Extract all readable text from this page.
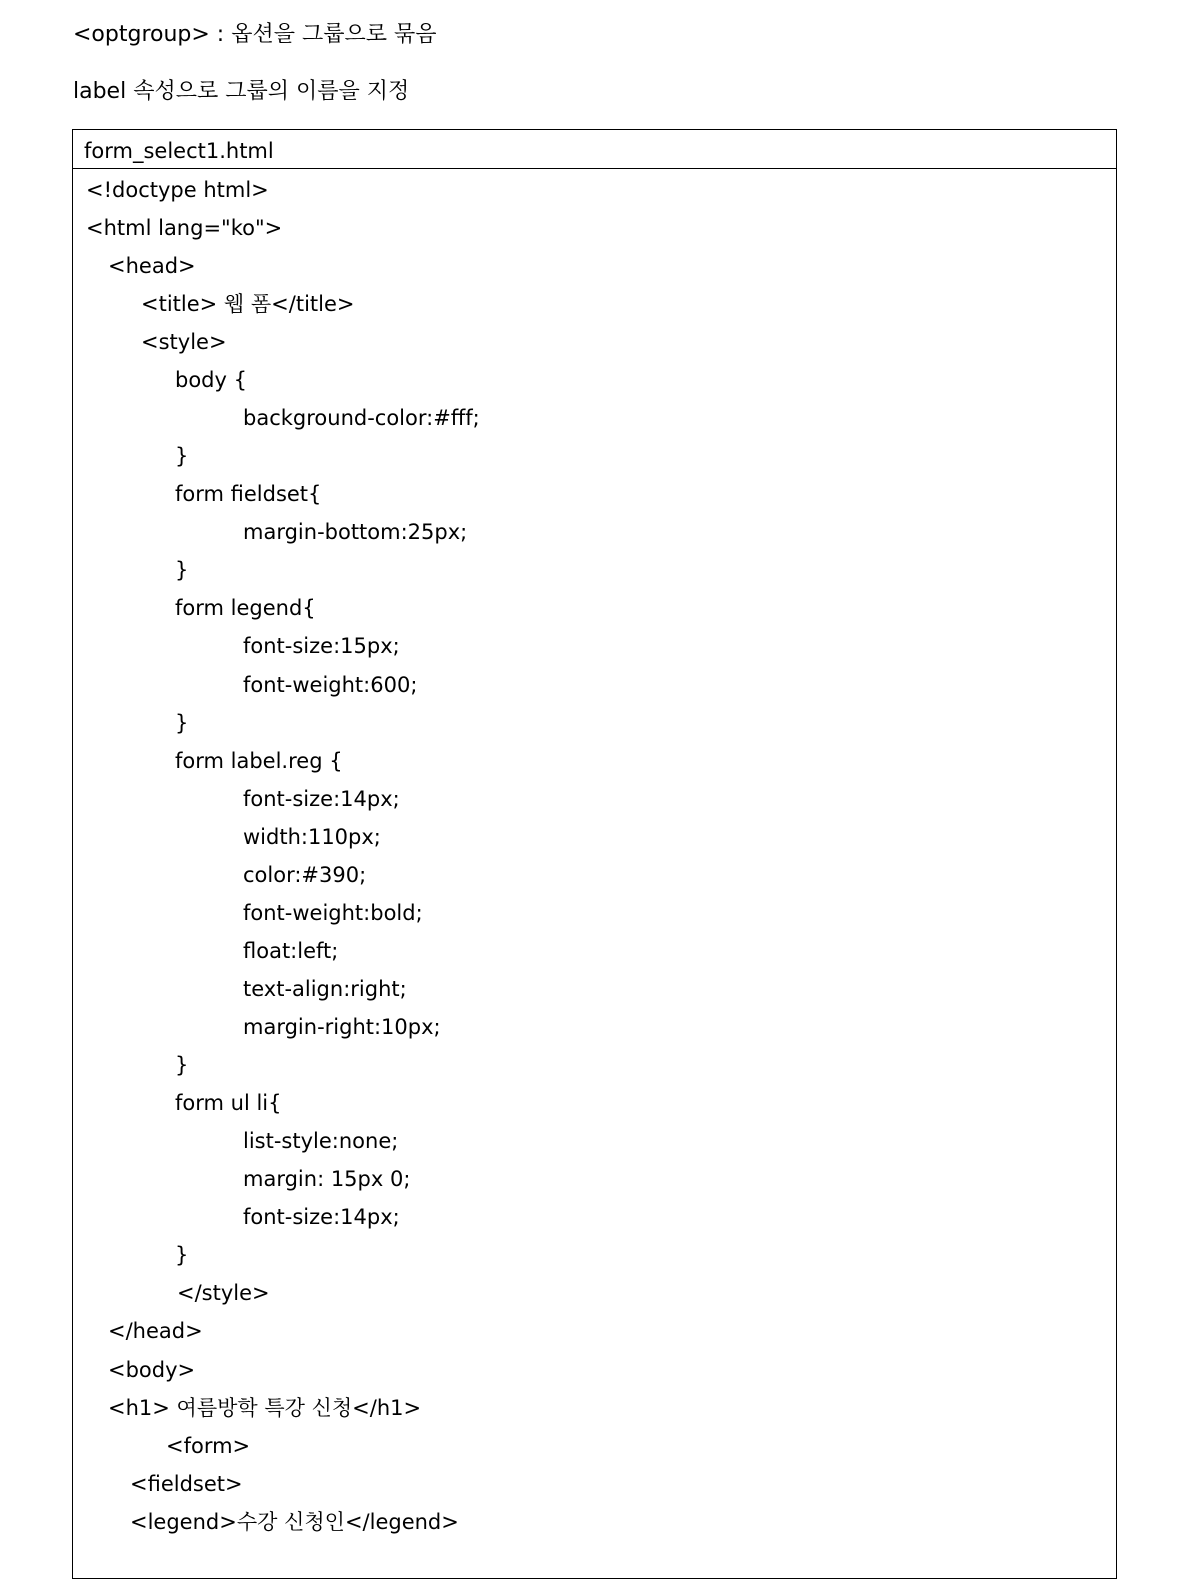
<optgroup> : 옵션을 그룹으로 묶음
label 속성으로 그룹의 이름을 지정
form_select1.html
<!doctype html>
<html lang="ko">
<head>
<title> 웹 폼</title>
<style>
body {
background-color:#fff;
}
form fieldset{
margin-bottom:25px;
}
form legend{
font-size:15px;
font-weight:600;
}
form label.reg {
font-size:14px;
width:110px;
color:#390;
font-weight:bold;
float:left;
text-align:right;
margin-right:10px;
}
form ul li{
list-style:none;
margin: 15px 0;
font-size:14px;
}
</style>
</head>
<body>
<h1> 여름방학 특강 신청</h1>
<form>
<fieldset>
<legend>수강 신청인</legend>
